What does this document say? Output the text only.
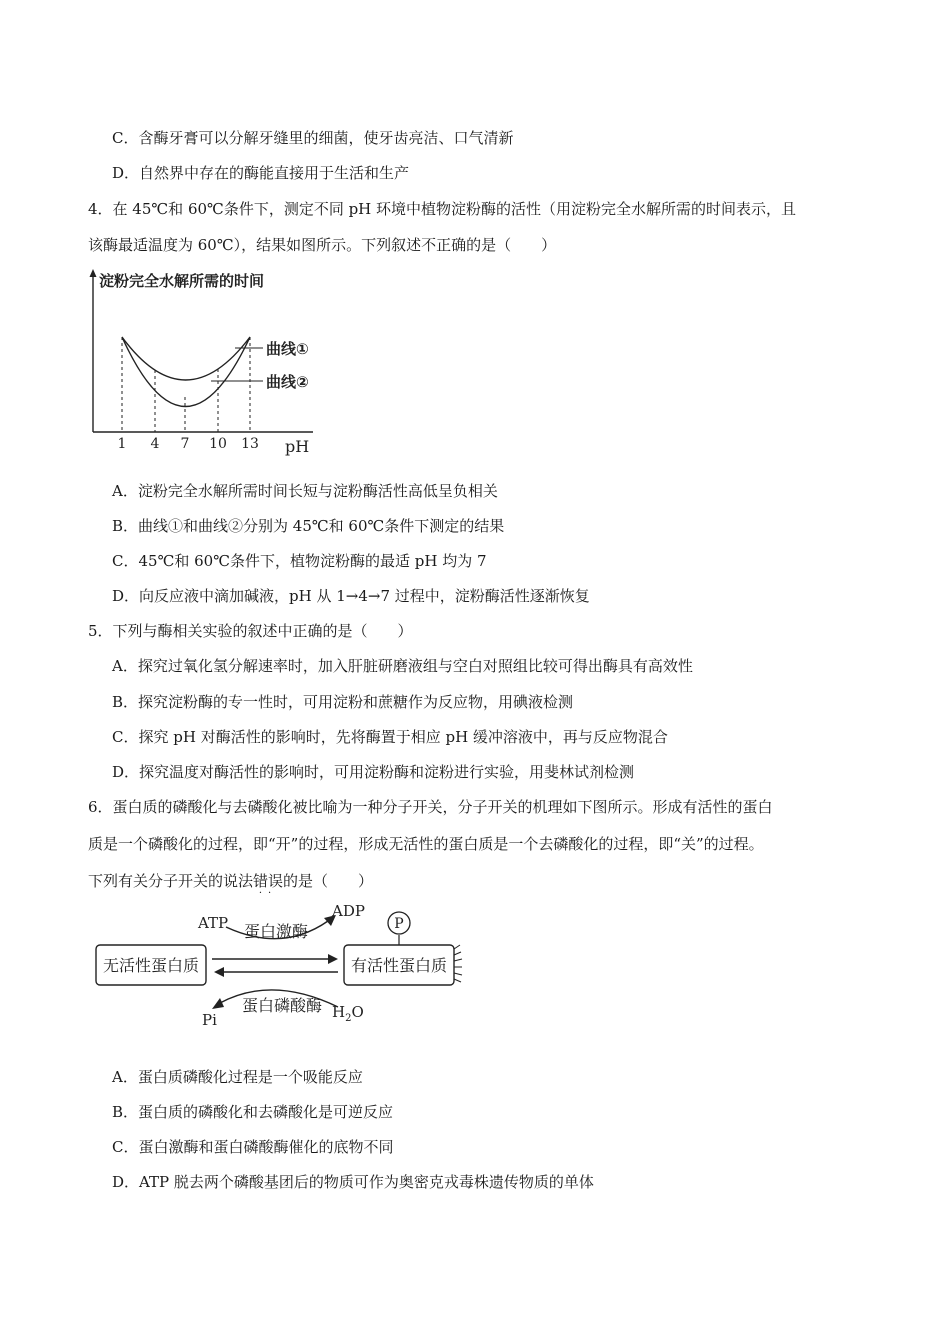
C．含酶牙膏可以分解牙缝里的细菌，使牙齿亮洁、口气清新
D．自然界中存在的酶能直接用于生活和生产
4．在 45℃和 60℃条件下，测定不同 pH 环境中植物淀粉酶的活性（用淀粉完全水解所需的时间表示，且
该酶最适温度为 60℃），结果如图所示。下列叙述不正确的是（　　）
淀粉完全水解所需的时间
曲线①
曲线②
1 4 7 10 13 pH
A．淀粉完全水解所需时间长短与淀粉酶活性高低呈负相关
B．曲线①和曲线②分别为 45℃和 60℃条件下测定的结果
C．45℃和 60℃条件下，植物淀粉酶的最适 pH 均为 7
D．向反应液中滴加碱液，pH 从 1→4→7 过程中，淀粉酶活性逐渐恢复
5．下列与酶相关实验的叙述中正确的是（　　）
A．探究过氧化氢分解速率时，加入肝脏研磨液组与空白对照组比较可得出酶具有高效性
B．探究淀粉酶的专一性时，可用淀粉和蔗糖作为反应物，用碘液检测
C．探究 pH 对酶活性的影响时，先将酶置于相应 pH 缓冲溶液中，再与反应物混合
D．探究温度对酶活性的影响时，可用淀粉酶和淀粉进行实验，用斐林试剂检测
6．蛋白质的磷酸化与去磷酸化被比喻为一种分子开关，分子开关的机理如下图所示。形成有活性的蛋白
质是一个磷酸化的过程，即“开”的过程，形成无活性的蛋白质是一个去磷酸化的过程，即“关”的过程。
下列有关分子开关的说法错误
··
的是（　　）
无活性蛋白质	有活性蛋白质
P
蛋白激酶
ATP
ADP
蛋白磷酸酶
Pi	$H_2O$
A．蛋白质磷酸化过程是一个吸能反应
B．蛋白质的磷酸化和去磷酸化是可逆反应
C．蛋白激酶和蛋白磷酸酶催化的底物不同
D．ATP 脱去两个磷酸基团后的物质可作为奥密克戎毒株遗传物质的单体
